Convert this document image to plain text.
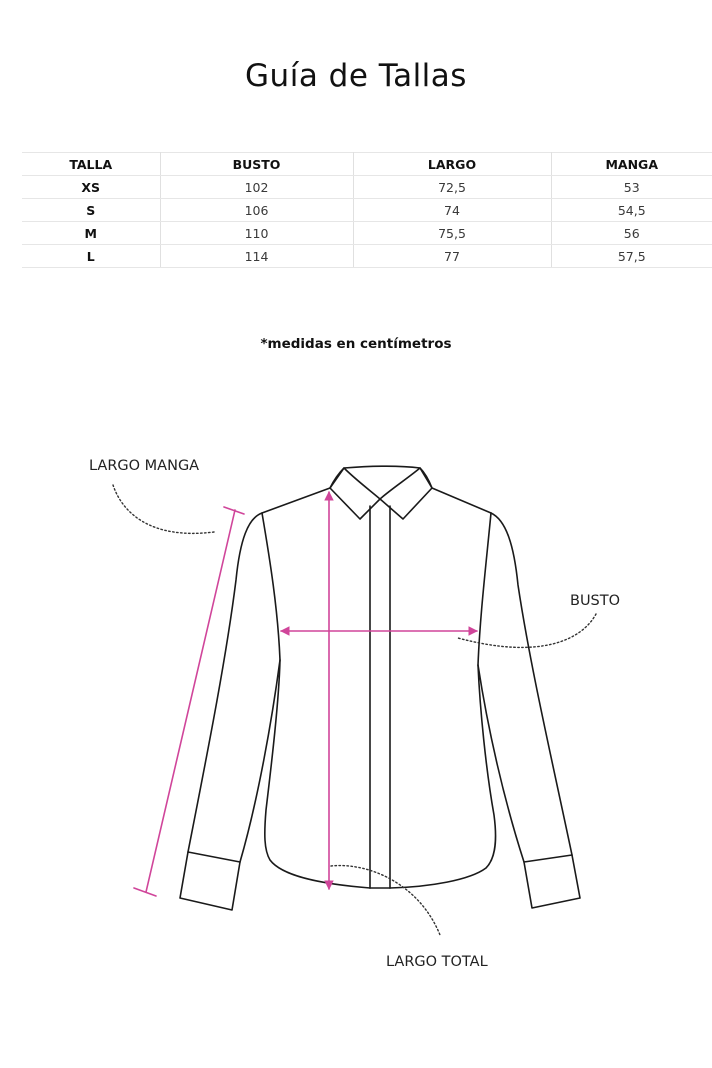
Guía de Tallas
TALLA	BUSTO	LARGO	MANGA
XS	102	72,5	53
S	106	74	54,5
M	110	75,5	56
L	114	77	57,5
*medidas en centímetros
LARGO MANGA
BUSTO
LARGO TOTAL
